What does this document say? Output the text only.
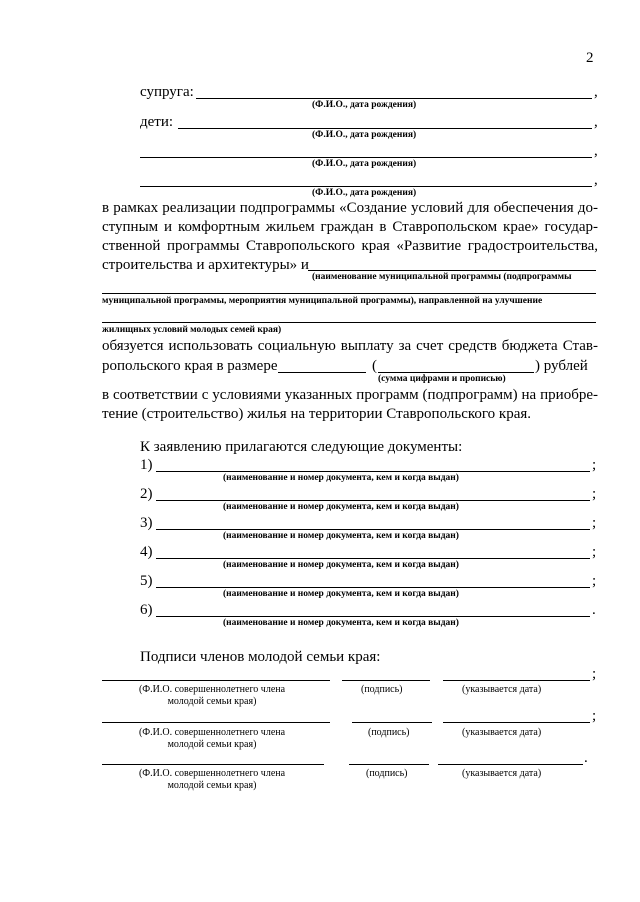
2
супруга:	,
(Ф.И.О., дата рождения)
дети:	,
(Ф.И.О., дата рождения)
,
(Ф.И.О., дата рождения)
,
(Ф.И.О., дата рождения)
в рамках реализации подпрограммы «Создание условий для обеспечения до-
ступным и комфортным жильем граждан в Ставропольском крае» государ-
ственной программы Ставропольского края «Развитие градостроительства,
строительства и архитектуры» и
(наименование муниципальной программы (подпрограммы
муниципальной программы, мероприятия муниципальной программы), направленной на улучшение
жилищных условий молодых семей края)
обязуется использовать социальную выплату за счет средств бюджета Став-
ропольского края в размере	(	) рублей
(сумма цифрами и прописью)
в соответствии с условиями указанных программ (подпрограмм) на приобре-
тение (строительство) жилья на территории Ставропольского края.
К заявлению прилагаются следующие документы:
1)	;
(наименование и номер документа, кем и когда выдан)
2)	;
(наименование и номер документа, кем и когда выдан)
3)	;
(наименование и номер документа, кем и когда выдан)
4)	;
(наименование и номер документа, кем и когда выдан)
5)	;
(наименование и номер документа, кем и когда выдан)
6)	.
(наименование и номер документа, кем и когда выдан)
Подписи членов молодой семьи края:
;
(Ф.И.О. совершеннолетнего члена
молодой семьи края)
(подпись)	(указывается дата)
;
(Ф.И.О. совершеннолетнего члена
молодой семьи края)
(подпись)	(указывается дата)
.
(Ф.И.О. совершеннолетнего члена
молодой семьи края)
(подпись)	(указывается дата)
